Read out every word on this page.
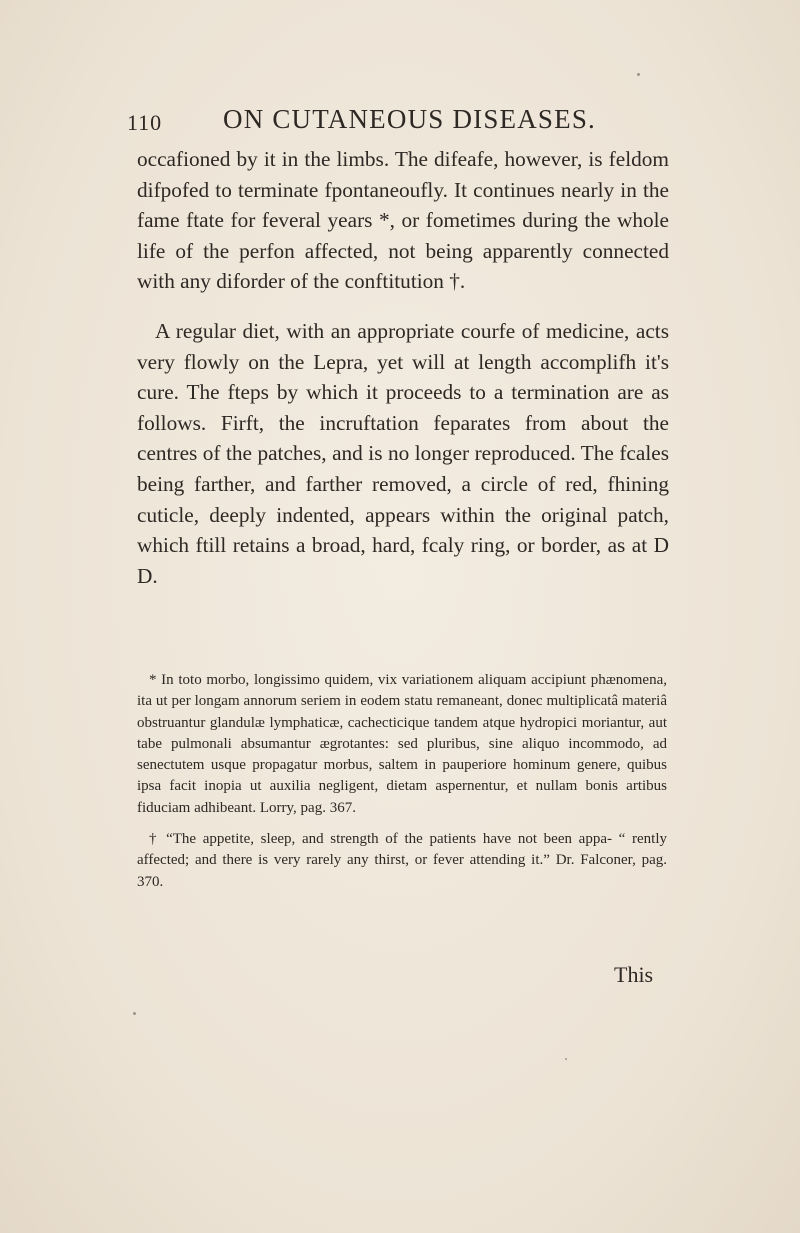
110 ON CUTANEOUS DISEASES.

occafioned by it in the limbs. The difeafe, however, is feldom difpofed to terminate fpontaneoufly. It continues nearly in the fame ftate for feveral years *, or fometimes during the whole life of the perfon affected, not being apparently connected with any diforder of the conftitution †.

A regular diet, with an appropriate courfe of medicine, acts very flowly on the Lepra, yet will at length accomplifh it's cure. The fteps by which it proceeds to a termination are as follows. Firft, the incruftation feparates from about the centres of the patches, and is no longer reproduced. The fcales being farther, and farther removed, a circle of red, fhining cuticle, deeply indented, appears within the original patch, which ftill retains a broad, hard, fcaly ring, or border, as at D D.

* In toto morbo, longissimo quidem, vix variationem aliquam accipiunt phænomena, ita ut per longam annorum seriem in eodem statu remaneant, donec multiplicatâ materiâ obstruantur glandulæ lymphaticæ, cachecticique tandem atque hydropici moriantur, aut tabe pulmonali absumantur ægrotantes: sed pluribus, sine aliquo incommodo, ad senectutem usque propagatur morbus, saltem in pauperiore hominum genere, quibus ipsa facit inopia ut auxilia negligent, dietam aspernentur, et nullam bonis artibus fiduciam adhibeant. Lorry, pag. 367.

† “The appetite, sleep, and strength of the patients have not been appa- “ rently affected; and there is very rarely any thirst, or fever attending it.” Dr. Falconer, pag. 370.

This
